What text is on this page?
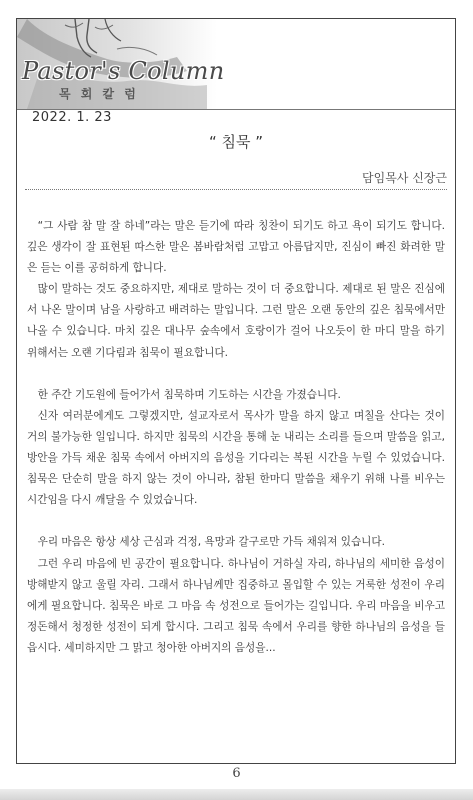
Pastor's Column
목 회 칼 럼
2022. 1. 23
“ 침묵 ”
담임목사 신장근

“그 사람 참 말 잘 하네”라는 말은 듣기에 따라 칭찬이 되기도 하고 욕이 되기도 합니다. 깊은 생각이 잘 표현된 따스한 말은 봄바람처럼 고맙고 아름답지만, 진심이 빠진 화려한 말은 듣는 이를 공허하게 합니다.

많이 말하는 것도 중요하지만, 제대로 말하는 것이 더 중요합니다. 제대로 된 말은 진심에서 나온 말이며 남을 사랑하고 배려하는 말입니다. 그런 말은 오랜 동안의 깊은 침묵에서만 나올 수 있습니다. 마치 깊은 대나무 숲속에서 호랑이가 걸어 나오듯이 한 마디 말을 하기 위해서는 오랜 기다림과 침묵이 필요합니다.

한 주간 기도원에 들어가서 침묵하며 기도하는 시간을 가졌습니다.

신자 여러분에게도 그렇겠지만, 설교자로서 목사가 말을 하지 않고 며칠을 산다는 것이 거의 불가능한 일입니다. 하지만 침묵의 시간을 통해 눈 내리는 소리를 들으며 말씀을 읽고, 방안을 가득 채운 침묵 속에서 아버지의 음성을 기다리는 복된 시간을 누릴 수 있었습니다. 침묵은 단순히 말을 하지 않는 것이 아니라, 참된 한마디 말씀을 채우기 위해 나를 비우는 시간임을 다시 깨달을 수 있었습니다.

우리 마음은 항상 세상 근심과 걱정, 욕망과 갈구로만 가득 채워져 있습니다.

그런 우리 마음에 빈 공간이 필요합니다. 하나님이 거하실 자리, 하나님의 세미한 음성이 방해받지 않고 울릴 자리. 그래서 하나님께만 집중하고 몰입할 수 있는 거룩한 성전이 우리에게 필요합니다. 침묵은 바로 그 마음 속 성전으로 들어가는 길입니다. 우리 마음을 비우고 정돈해서 청정한 성전이 되게 합시다. 그리고 침묵 속에서 우리를 향한 하나님의 음성을 들읍시다. 세미하지만 그 맑고 청아한 아버지의 음성을...

6
